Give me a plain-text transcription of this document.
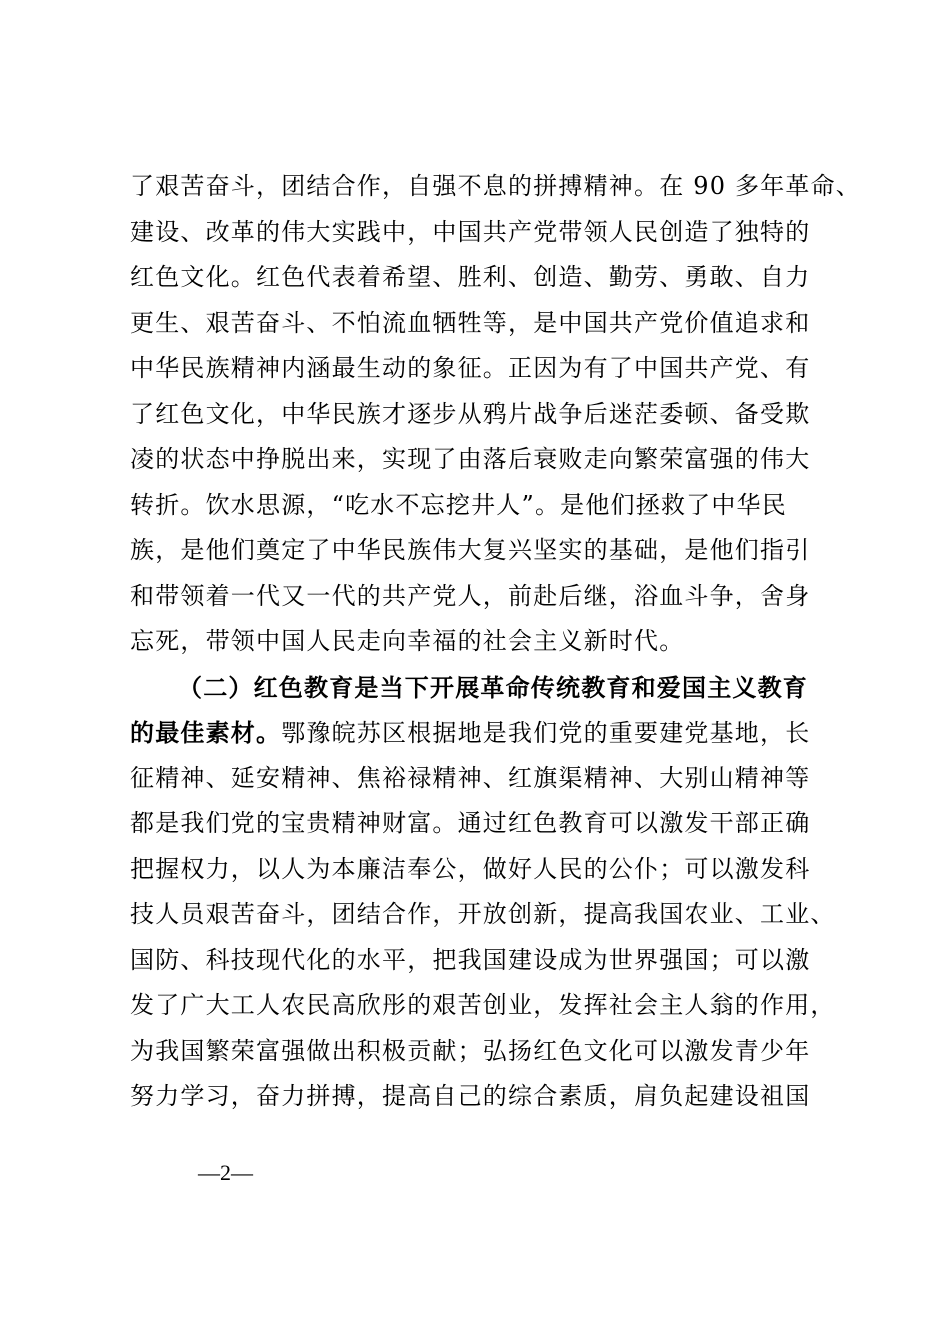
了艰苦奋斗，团结合作，自强不息的拼搏精神。在 90 多年革命、
建设、改革的伟大实践中，中国共产党带领人民创造了独特的
红色文化。红色代表着希望、胜利、创造、勤劳、勇敢、自力
更生、艰苦奋斗、不怕流血牺牲等，是中国共产党价值追求和
中华民族精神内涵最生动的象征。正因为有了中国共产党、有
了红色文化，中华民族才逐步从鸦片战争后迷茫委顿、备受欺
凌的状态中挣脱出来，实现了由落后衰败走向繁荣富强的伟大
转折。饮水思源，“吃水不忘挖井人”。是他们拯救了中华民
族，是他们奠定了中华民族伟大复兴坚实的基础，是他们指引
和带领着一代又一代的共产党人，前赴后继，浴血斗争，舍身
忘死，带领中国人民走向幸福的社会主义新时代。
（二）红色教育是当下开展革命传统教育和爱国主义教育
的最佳素材。鄂豫皖苏区根据地是我们党的重要建党基地，长
征精神、延安精神、焦裕禄精神、红旗渠精神、大别山精神等
都是我们党的宝贵精神财富。通过红色教育可以激发干部正确
把握权力，以人为本廉洁奉公，做好人民的公仆；可以激发科
技人员艰苦奋斗，团结合作，开放创新，提高我国农业、工业、
国防、科技现代化的水平，把我国建设成为世界强国；可以激
发了广大工人农民高欣彤的艰苦创业，发挥社会主人翁的作用，
为我国繁荣富强做出积极贡献；弘扬红色文化可以激发青少年
努力学习，奋力拼搏，提高自己的综合素质，肩负起建设祖国
—2—
